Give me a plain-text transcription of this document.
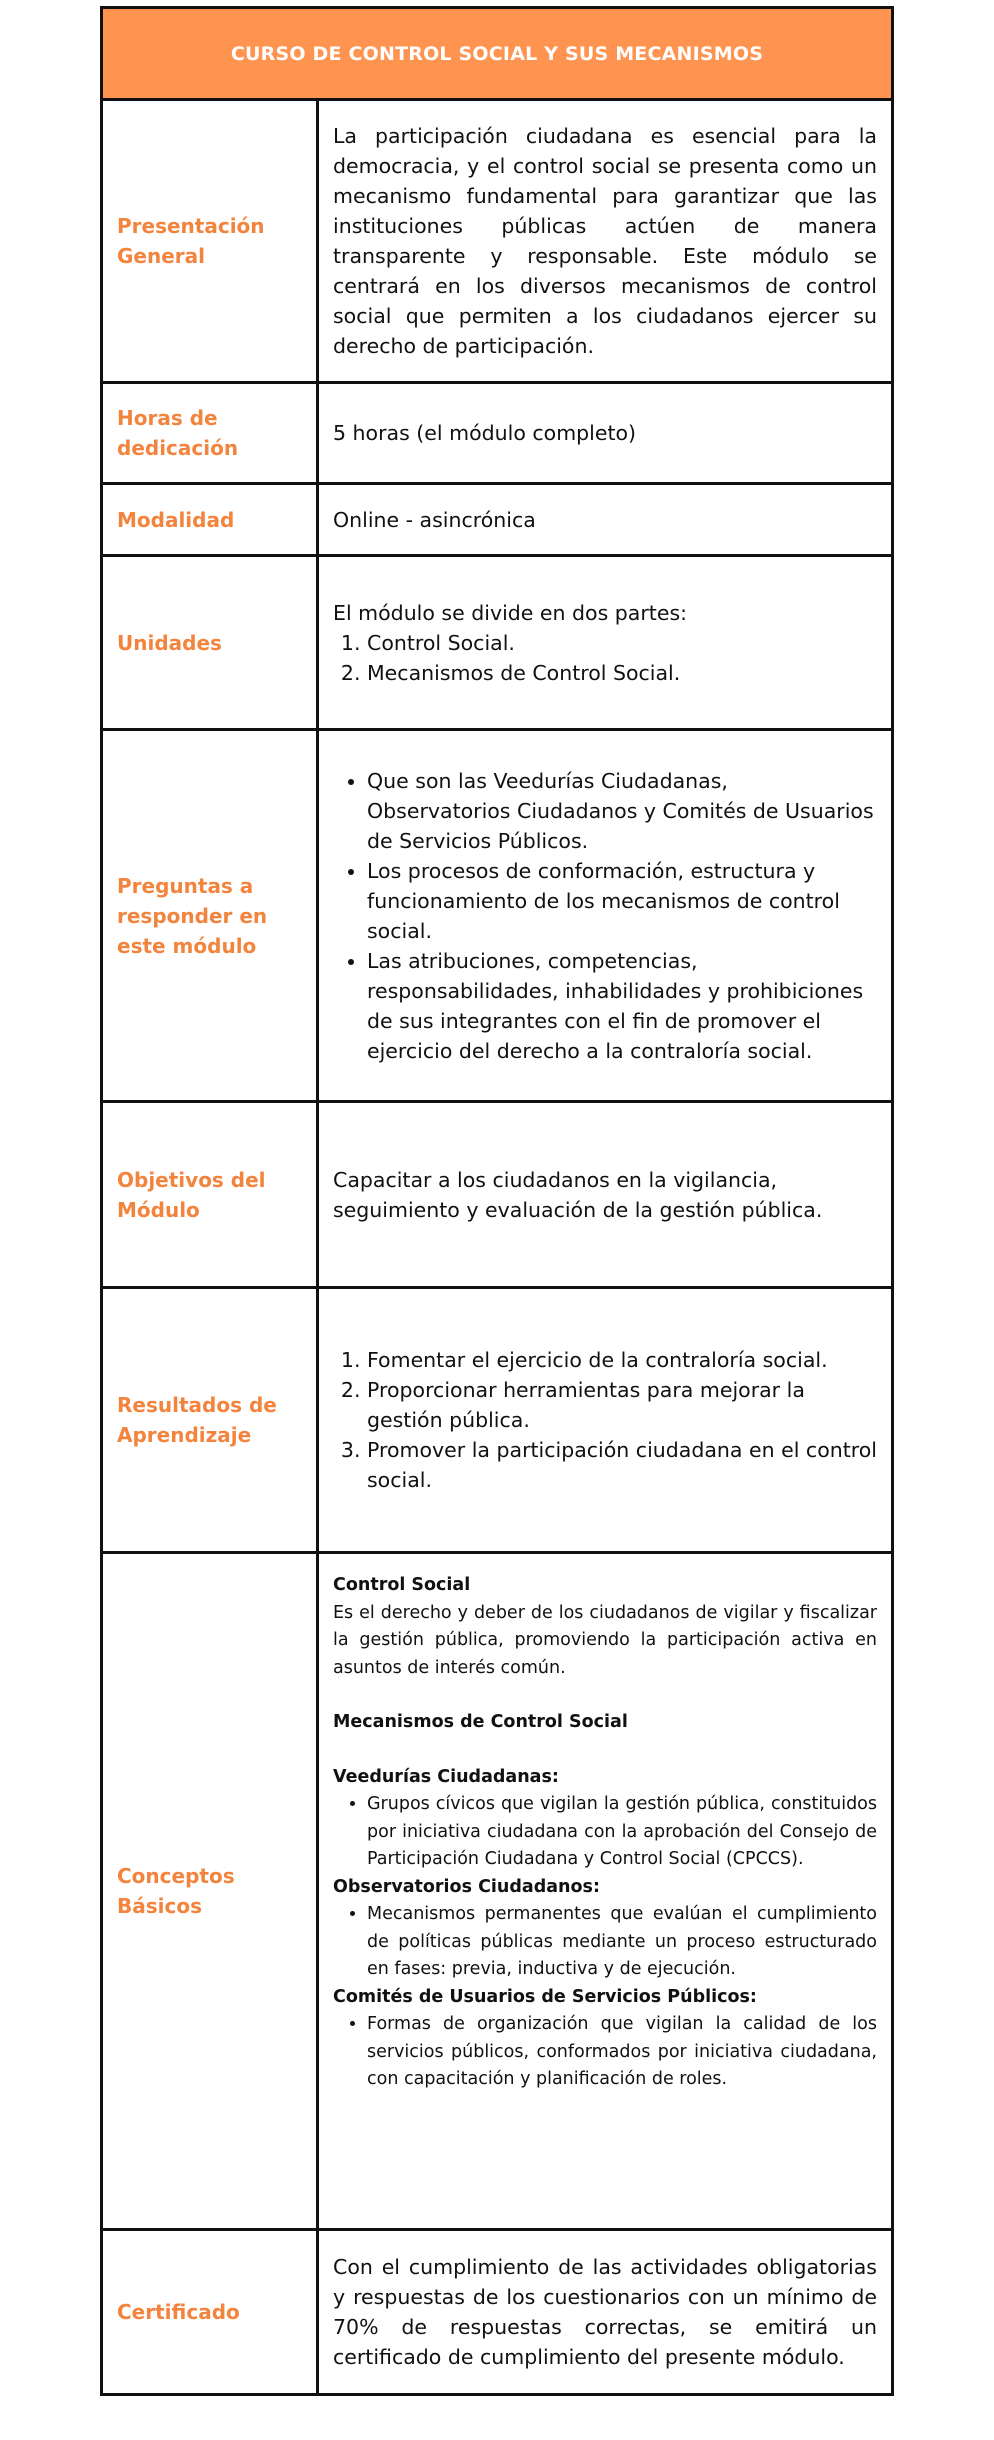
CURSO DE CONTROL SOCIAL Y SUS MECANISMOS
Presentación General
La participación ciudadana es esencial para la democracia, y el control social se presenta como un mecanismo fundamental para garantizar que las instituciones públicas actúen de manera transparente y responsable. Este módulo se centrará en los diversos mecanismos de control social que permiten a los ciudadanos ejercer su derecho de participación.
Horas de dedicación
5 horas (el módulo completo)
Modalidad	Online - asincrónica
Unidades
El módulo se divide en dos partes:
1. Control Social.
2. Mecanismos de Control Social.
Preguntas a responder en este módulo
• Que son las Veedurías Ciudadanas, Observatorios Ciudadanos y Comités de Usuarios de Servicios Públicos.
• Los procesos de conformación, estructura y funcionamiento de los mecanismos de control social.
• Las atribuciones, competencias, responsabilidades, inhabilidades y prohibiciones de sus integrantes con el fin de promover el ejercicio del derecho a la contraloría social.
Objetivos del Módulo
Capacitar a los ciudadanos en la vigilancia, seguimiento y evaluación de la gestión pública.
Resultados de Aprendizaje
1. Fomentar el ejercicio de la contraloría social.
2. Proporcionar herramientas para mejorar la gestión pública.
3. Promover la participación ciudadana en el control social.
Conceptos Básicos
Control Social
Es el derecho y deber de los ciudadanos de vigilar y fiscalizar la gestión pública, promoviendo la participación activa en asuntos de interés común.
Mecanismos de Control Social
Veedurías Ciudadanas:
• Grupos cívicos que vigilan la gestión pública, constituidos por iniciativa ciudadana con la aprobación del Consejo de Participación Ciudadana y Control Social (CPCCS).
Observatorios Ciudadanos:
• Mecanismos permanentes que evalúan el cumplimiento de políticas públicas mediante un proceso estructurado en fases: previa, inductiva y de ejecución.
Comités de Usuarios de Servicios Públicos:
• Formas de organización que vigilan la calidad de los servicios públicos, conformados por iniciativa ciudadana, con capacitación y planificación de roles.
Certificado
Con el cumplimiento de las actividades obligatorias y respuestas de los cuestionarios con un mínimo de 70% de respuestas correctas, se emitirá un certificado de cumplimiento del presente módulo.
